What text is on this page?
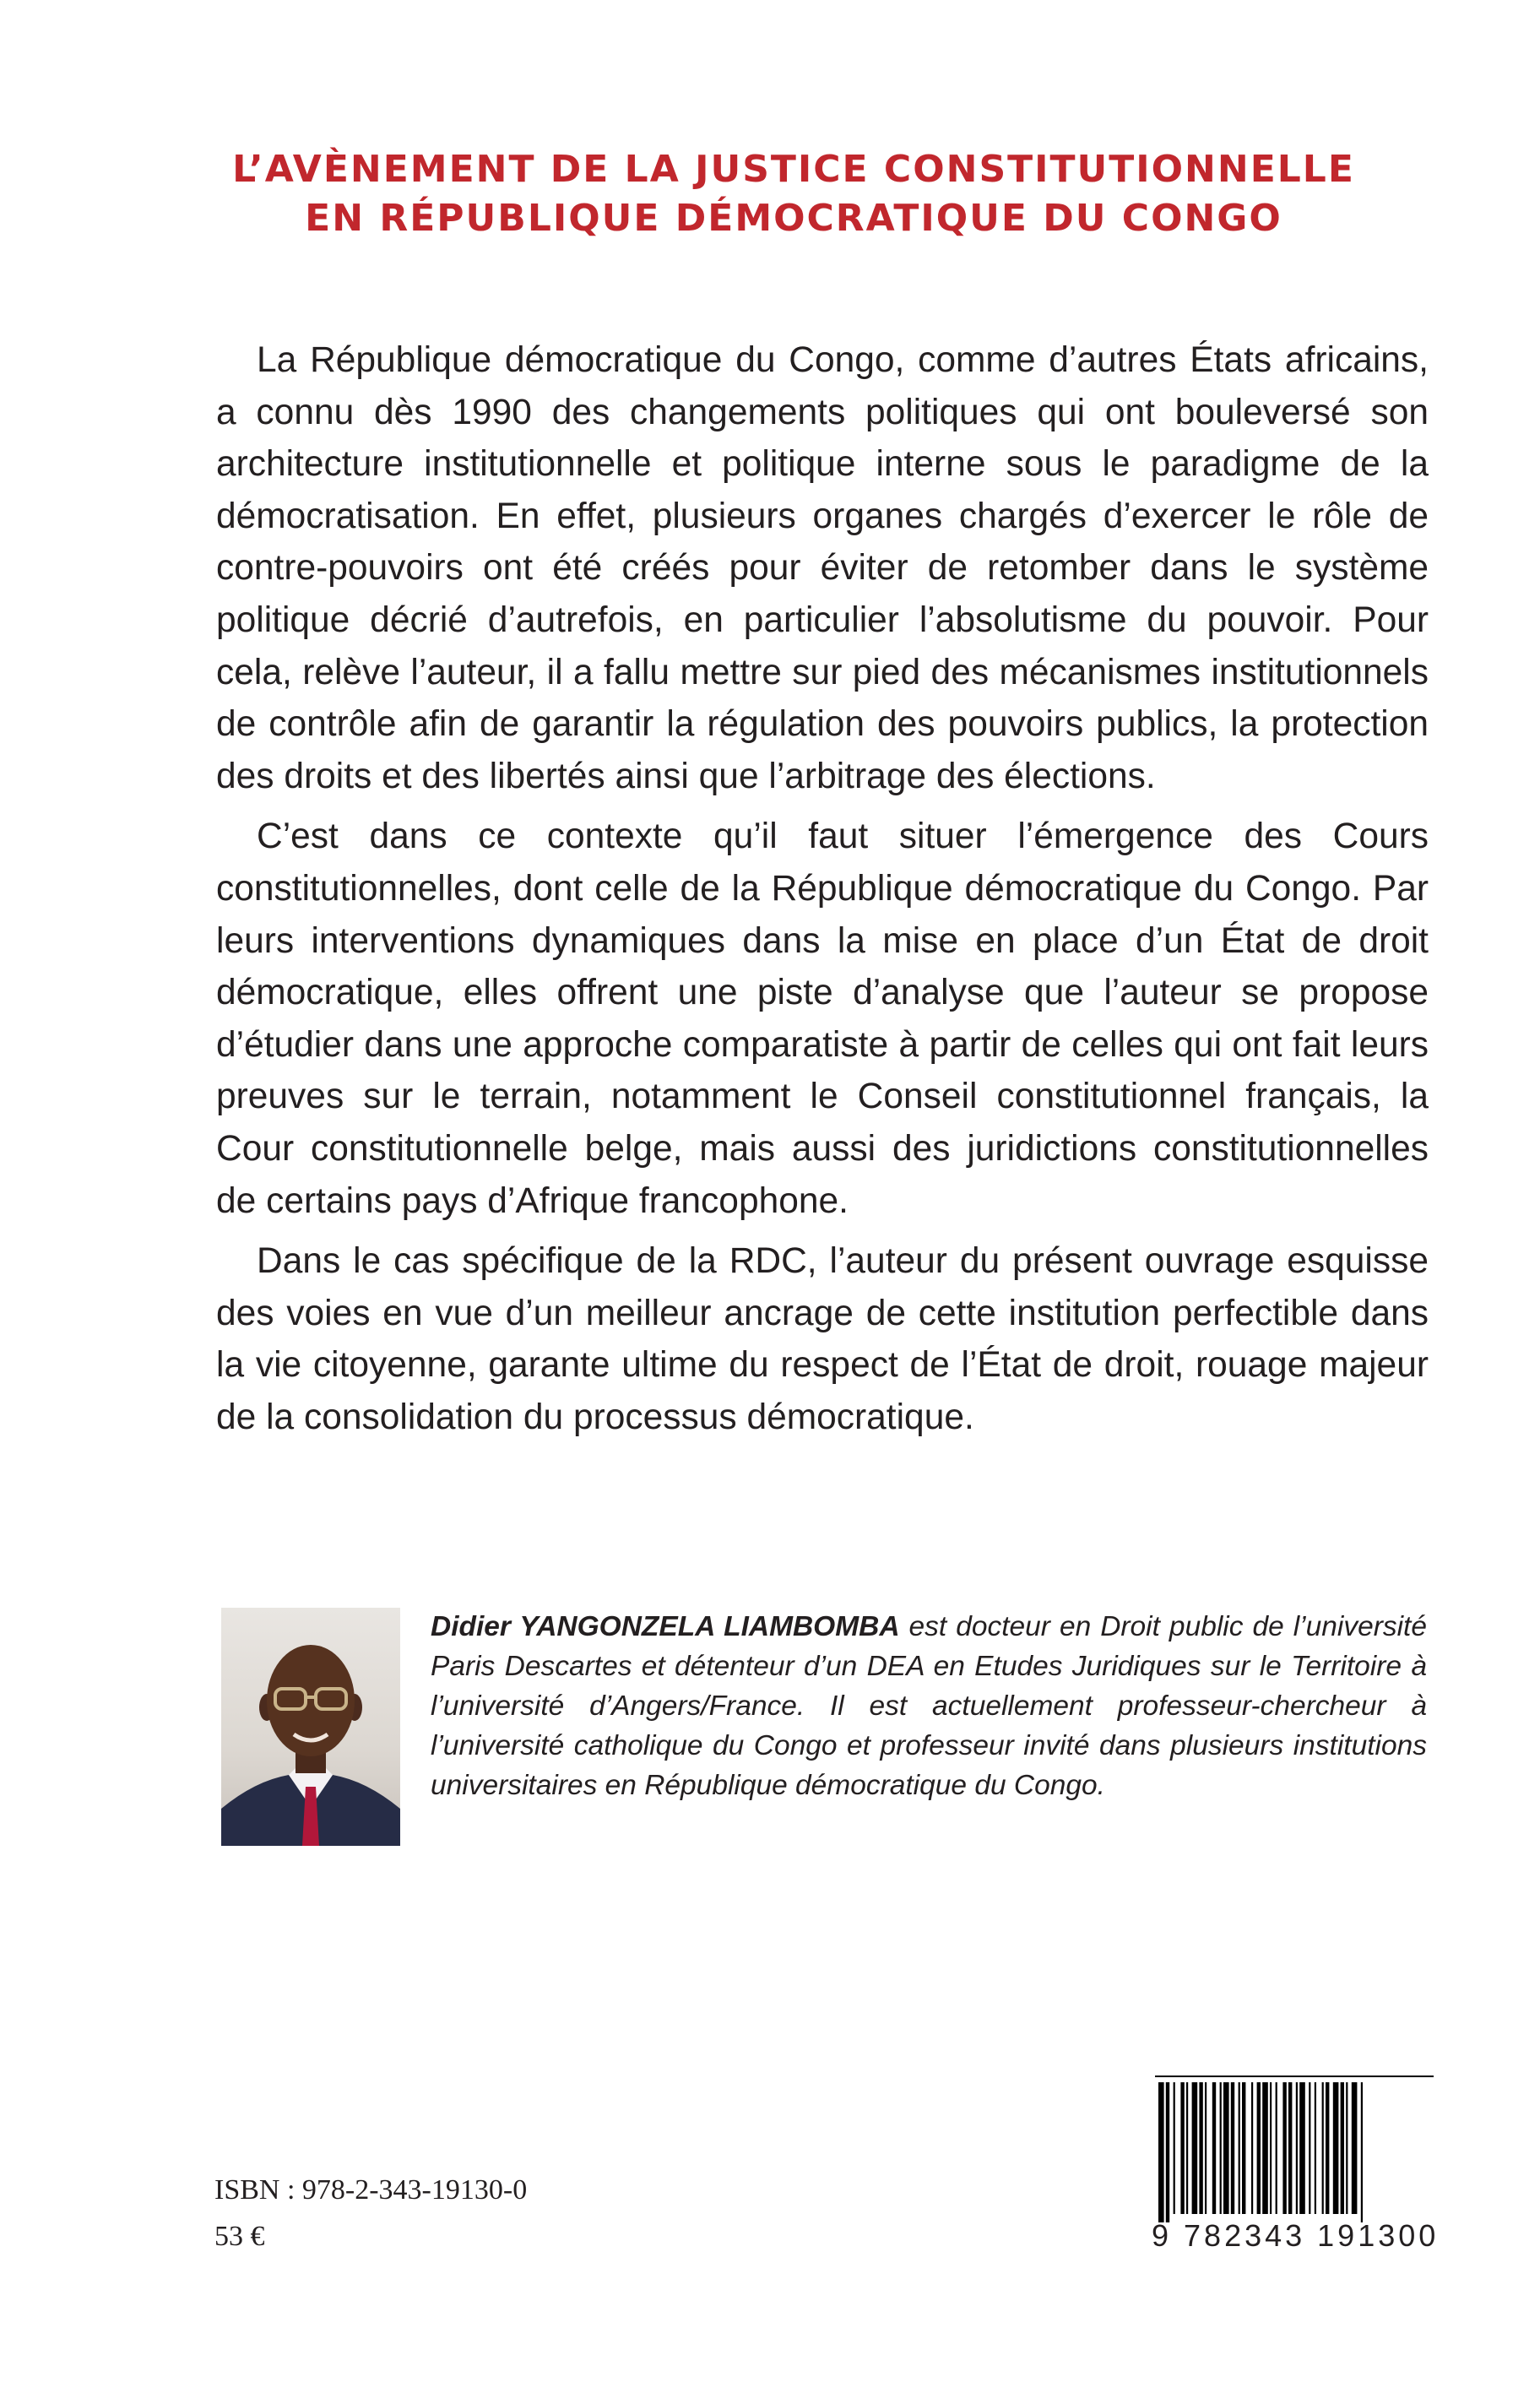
L’AVÈNEMENT DE LA JUSTICE CONSTITUTIONNELLE
EN RÉPUBLIQUE DÉMOCRATIQUE DU CONGO

La République démocratique du Congo, comme d’autres États africains, a connu dès 1990 des changements politiques qui ont bouleversé son architecture institutionnelle et politique interne sous le paradigme de la démocratisation. En effet, plusieurs organes chargés d’exercer le rôle de contre-pouvoirs ont été créés pour éviter de retomber dans le système politique décrié d’autrefois, en particulier l’absolutisme du pouvoir. Pour cela, relève l’auteur, il a fallu mettre sur pied des mécanismes institutionnels de contrôle afin de garantir la régulation des pouvoirs publics, la protection des droits et des libertés ainsi que l’arbitrage des élections.

C’est dans ce contexte qu’il faut situer l’émergence des Cours constitutionnelles, dont celle de la République démocratique du Congo. Par leurs interventions dynamiques dans la mise en place d’un État de droit démocratique, elles offrent une piste d’analyse que l’auteur se propose d’étudier dans une approche comparatiste à partir de celles qui ont fait leurs preuves sur le terrain, notamment le Conseil constitutionnel français, la Cour constitutionnelle belge, mais aussi des juridictions constitutionnelles de certains pays d’Afrique francophone.

Dans le cas spécifique de la RDC, l’auteur du présent ouvrage esquisse des voies en vue d’un meilleur ancrage de cette institution perfectible dans la vie citoyenne, garante ultime du respect de l’État de droit, rouage majeur de la consolidation du processus démocratique.

Didier YANGONZELA LIAMBOMBA est docteur en Droit public de l’université Paris Descartes et détenteur d’un DEA en Etudes Juridiques sur le Territoire à l’université d’Angers/France. Il est actuellement professeur-chercheur à l’université catholique du Congo et professeur invité dans plusieurs institutions universitaires en République démocratique du Congo.
ISBN : 978-2-343-19130-0
53 €	9 782343 191300
